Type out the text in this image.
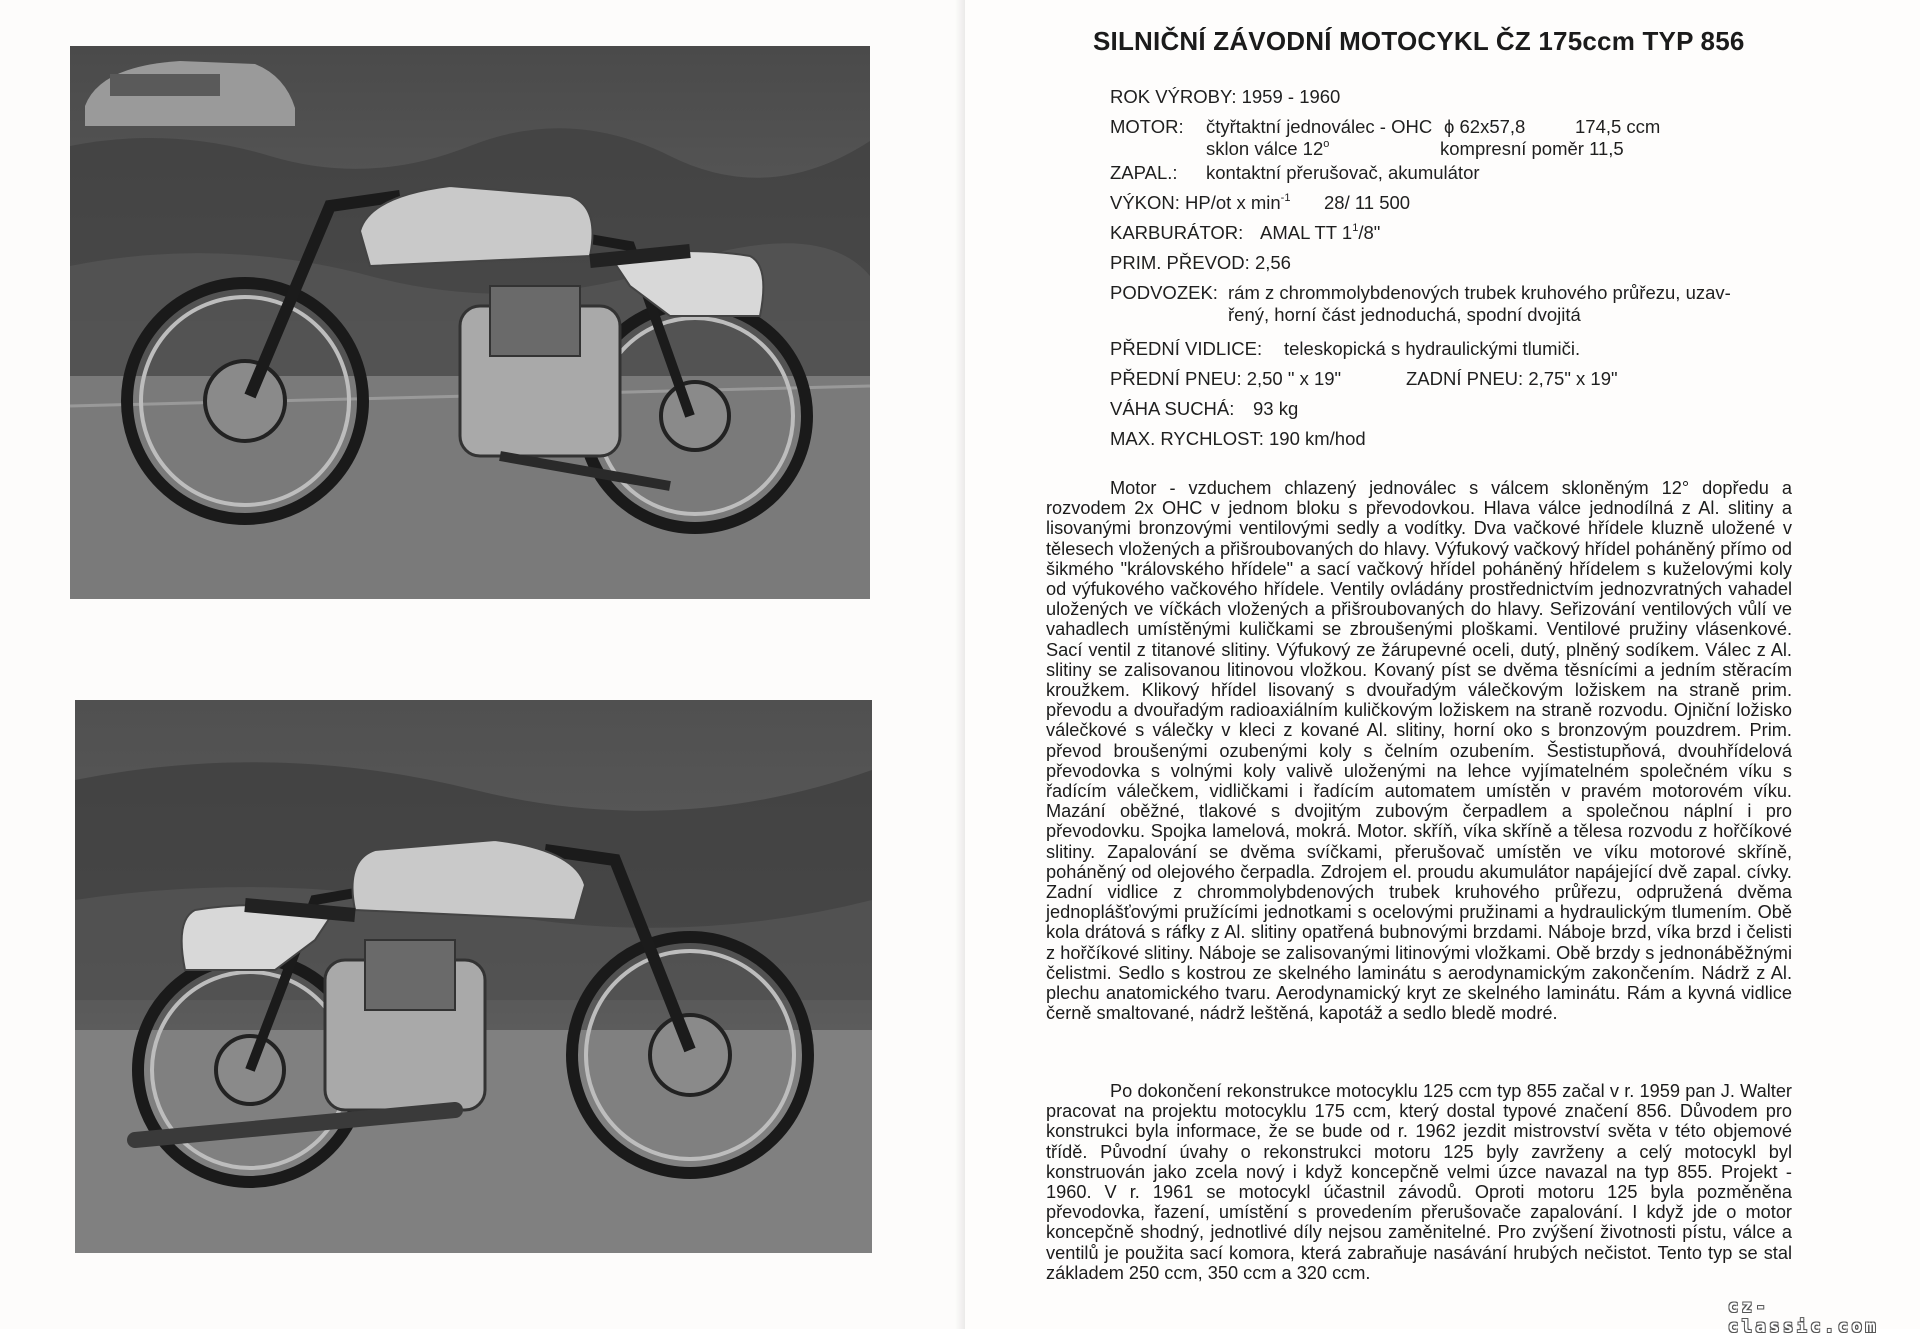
SILNIČNÍ ZÁVODNÍ MOTOCYKL ČZ 175ccm TYP 856
ROK VÝROBY: 1959 - 1960
MOTOR: čtyřtaktní jednoválec - OHC ϕ 62x57,8	174,5 ccm
sklon válce 12$^o$	kompresní poměr 11,5
ZAPAL.: kontaktní přerušovač, akumulátor
VÝKON: HP/ot x $\min^{-1} 28/$ 11 500
KARBURÁTOR: AMAL TT $1^1/8$"
PRIM. PŘEVOD: 2,56
PODVOZEK: rám z chrommolybdenových trubek kruhového průřezu, uzav-
řený, horní část jednoduchá, spodní dvojitá
PŘEDNÍ VIDLICE: teleskopická s hydraulickými tlumiči.
PŘEDNÍ PNEU: 2,50 " x 19"	ZADNÍ PNEU: 2,75" x 19"
VÁHA SUCHÁ: 93 kg
MAX. RYCHLOST: 190 km/hod

Motor - vzduchem chlazený jednoválec s válcem skloněným 12° dopředu a rozvodem 2x OHC v jednom bloku s převodovkou. Hlava válce jednodílná z Al. slitiny a lisovanými bronzovými ventilovými sedly a vodítky. Dva vačkové hřídele kluzně uložené v tělesech vložených a přišroubovaných do hlavy. Výfukový vačkový hřídel poháněný přímo od šikmého "královského hřídele" a sací vačkový hřídel poháněný hřídelem s kuželovými koly od výfukového vačkového hřídele. Ventily ovládány prostřednictvím jednozvratných vahadel uložených ve víčkách vložených a přišroubovaných do hlavy. Seřizování ventilových vůlí ve vahadlech umístěnými kuličkami se zbroušenými ploškami. Ventilové pružiny vlásenkové. Sací ventil z titanové slitiny. Výfukový ze žárupevné oceli, dutý, plněný sodíkem. Válec z Al. slitiny se zalisovanou litinovou vložkou. Kovaný píst se dvěma těsnícími a jedním stěracím kroužkem. Klikový hřídel lisovaný s dvouřadým válečkovým ložiskem na straně prim. převodu a dvouřadým radioaxiálním kuličkovým ložiskem na straně rozvodu. Ojniční ložisko válečkové s válečky v kleci z kované Al. slitiny, horní oko s bronzovým pouzdrem. Prim. převod broušenými ozubenými koly s čelním ozubením. Šestistupňová, dvouhřídelová převodovka s volnými koly valivě uloženými na lehce vyjímatelném společném víku s řadícím válečkem, vidličkami i řadícím automatem umístěn v pravém motorovém víku. Mazání oběžné, tlakové s dvojitým zubovým čerpadlem a společnou náplní i pro převodovku. Spojka lamelová, mokrá. Motor. skříň, víka skříně a tělesa rozvodu z hořčíkové slitiny. Zapalování se dvěma svíčkami, přerušovač umístěn ve víku motorové skříně, poháněný od olejového čerpadla. Zdrojem el. proudu akumulátor napájející dvě zapal. cívky. Zadní vidlice z chrommolybdenových trubek kruhového průřezu, odpružená dvěma jednoplášťovými pružícími jednotkami s ocelovými pružinami a hydraulickým tlumením. Obě kola drátová s ráfky z Al. slitiny opatřená bubnovými brzdami. Náboje brzd, víka brzd i čelisti z hořčíkové slitiny. Náboje se zalisovanými litinovými vložkami. Obě brzdy s jednonáběžnými čelistmi. Sedlo s kostrou ze skelného laminátu s aerodynamickým zakončením. Nádrž z Al. plechu anatomického tvaru. Aerodynamický kryt ze skelného laminátu. Rám a kyvná vidlice černě smaltované, nádrž leštěná, kapotáž a sedlo bledě modré.

Po dokončení rekonstrukce motocyklu 125 ccm typ 855 začal v r. 1959 pan J. Walter pracovat na projektu motocyklu 175 ccm, který dostal typové značení 856. Důvodem pro konstrukci byla informace, že se bude od r. 1962 jezdit mistrovství světa v této objemové třídě. Původní úvahy o rekonstrukci motoru 125 byly zavrženy a celý motocykl byl konstruován jako zcela nový i když koncepčně velmi úzce navazal na typ 855. Projekt - 1960. V r. 1961 se motocykl účastnil závodů. Oproti motoru 125 byla pozměněna převodovka, řazení, umístění s provedením přerušovače zapalování. I když jde o motor koncepčně shodný, jednotlivé díly nejsou zaměnitelné. Pro zvýšení životnosti pístu, válce a ventilů je použita sací komora, která zabraňuje nasávání hrubých nečistot. Tento typ se stal základem 250 ccm, 350 ccm a 320 ccm.

cz-classic.com
